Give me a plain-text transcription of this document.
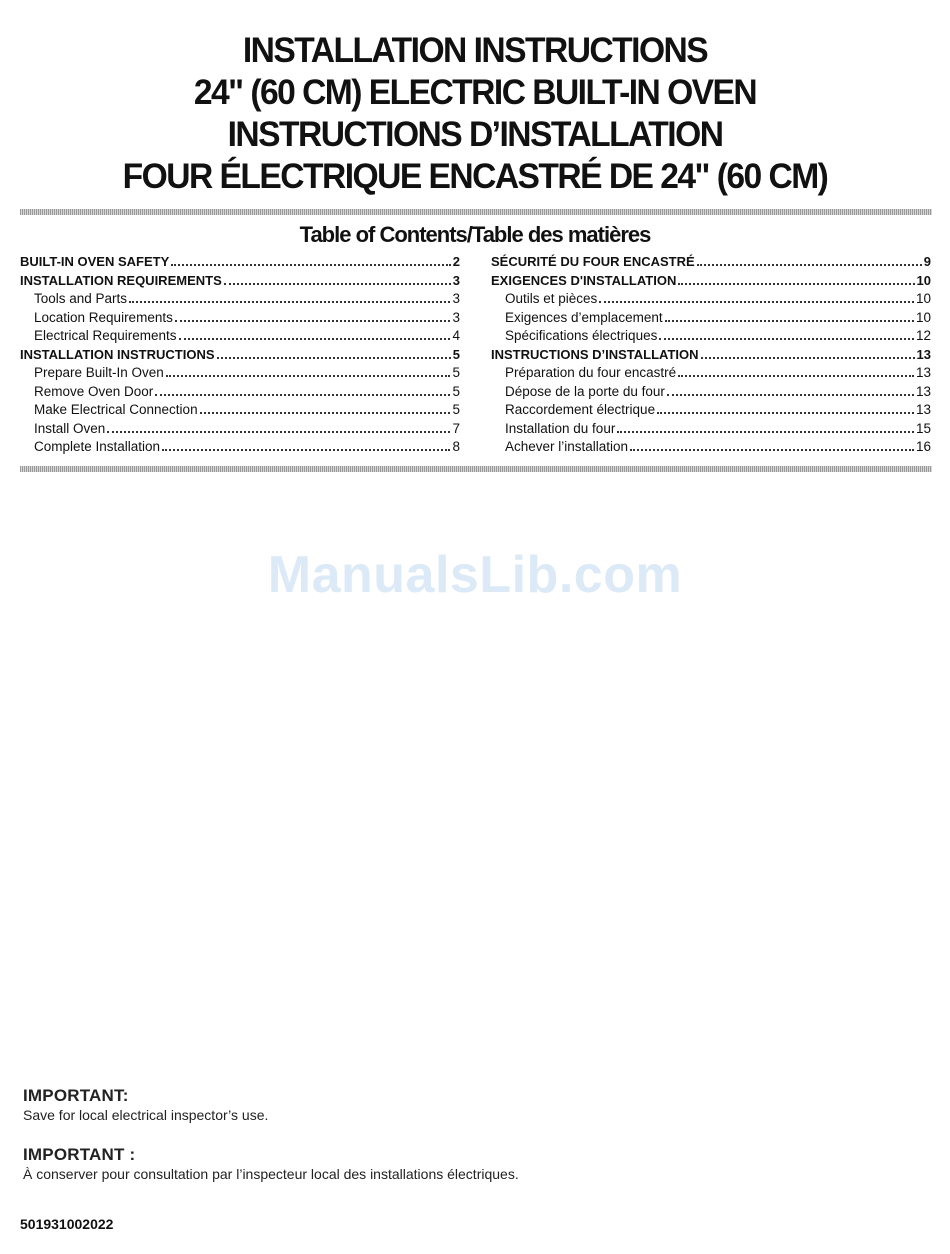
INSTALLATION INSTRUCTIONS
24" (60 CM) ELECTRIC BUILT-IN OVEN
INSTRUCTIONS D’INSTALLATION
FOUR ÉLECTRIQUE ENCASTRÉ DE 24" (60 CM)
Table of Contents/Table des matières
BUILT-IN OVEN SAFETY	2
INSTALLATION REQUIREMENTS	3
Tools and Parts	3
Location Requirements	3
Electrical Requirements	4
INSTALLATION INSTRUCTIONS	5
Prepare Built-In Oven	5
Remove Oven Door	5
Make Electrical Connection	5
Install Oven	7
Complete Installation	8
SÉCURITÉ DU FOUR ENCASTRÉ	9
EXIGENCES D'INSTALLATION	10
Outils et pièces	10
Exigences d’emplacement	10
Spécifications électriques	12
INSTRUCTIONS D’INSTALLATION	13
Préparation du four encastré	13
Dépose de la porte du four	13
Raccordement électrique	13
Installation du four	15
Achever l’installation	16
ManualsLib.com
IMPORTANT:
Save for local electrical inspector’s use.
IMPORTANT :
À conserver pour consultation par l’inspecteur local des installations électriques.
501931002022
